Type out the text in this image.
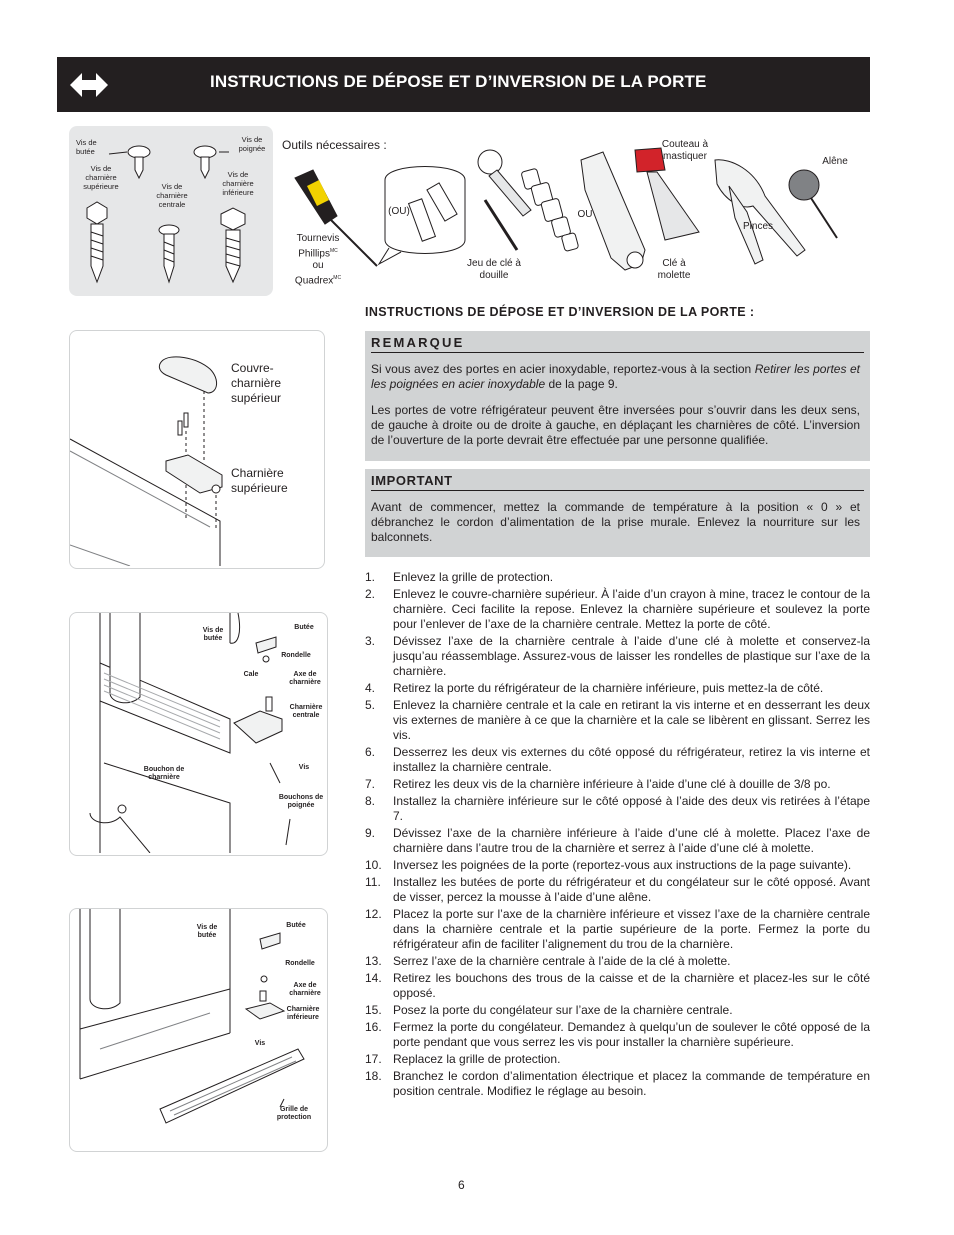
INSTRUCTIONS DE DÉPOSE ET D’INVERSION DE LA PORTE
Vis de butée
Vis de poignée
Vis de charnière supérieure	Vis de charnière centrale
Vis de charnière inférieure
Outils nécessaires :
Tournevis
Phillips$^{MC}$
ou
Quadrex$^{MC}$
(OU)
Jeu de clé à douille
OU
Clé à molette
Couteau à mastiquer
Pinces
Alêne
Couvre-charnière supérieur
Charnière supérieure
Vis de butée
Butée
Rondelle
Cale	Axe de charnière
Charnière centrale
Vis
Bouchon de charnière
Bouchons de poignée
Vis de butée
Butée
Rondelle
Axe de charnière
Charnière inférieure
Vis
Grille de protection
INSTRUCTIONS DE DÉPOSE ET D’INVERSION DE LA PORTE :
REMARQUE

Si vous avez des portes en acier inoxydable, reportez-vous à la section Retirer les portes et les poignées en acier inoxydable de la page 9.

Les portes de votre réfrigérateur peuvent être inversées pour s’ouvrir dans les deux sens, de gauche à droite ou de droite à gauche, en déplaçant les charnières de côté. L’inversion de l’ouverture de la porte devrait être effectuée par une personne qualifiée.

IMPORTANT
Avant de commencer, mettez la commande de température à la position « 0 » et débranchez le cordon d’alimentation de la prise murale. Enlevez la nourriture sur les balconnets.
1. Enlevez la grille de protection.
2. Enlevez le couvre-charnière supérieur. À l’aide d’un crayon à mine, tracez le contour de la charnière. Ceci facilite la repose. Enlevez la charnière supérieure et soulevez la porte pour l’enlever de l’axe de la charnière centrale. Mettez la porte de côté.
3. Dévissez l’axe de la charnière centrale à l’aide d’une clé à molette et conservez-la jusqu’au réassemblage. Assurez-vous de laisser les rondelles de plastique sur l’axe de la charnière.
4. Retirez la porte du réfrigérateur de la charnière inférieure, puis mettez-la de côté.
5. Enlevez la charnière centrale et la cale en retirant la vis interne et en desserrant les deux vis externes de manière à ce que la charnière et la cale se libèrent en glissant. Serrez les vis.
6. Desserrez les deux vis externes du côté opposé du réfrigérateur, retirez la vis interne et installez la charnière centrale.
7. Retirez les deux vis de la charnière inférieure à l’aide d’une clé à douille de 3/8 po.
8. Installez la charnière inférieure sur le côté opposé à l’aide des deux vis retirées à l’étape 7.
9. Dévissez l’axe de la charnière inférieure à l’aide d’une clé à molette. Placez l’axe de charnière dans l’autre trou de la charnière et serrez à l’aide d’une clé à molette.
10. Inversez les poignées de la porte (reportez-vous aux instructions de la page suivante).
11. Installez les butées de porte du réfrigérateur et du congélateur sur le côté opposé. Avant de visser, percez la mousse à l’aide d’une alêne.
12. Placez la porte sur l’axe de la charnière inférieure et vissez l’axe de la charnière centrale dans la charnière centrale et la partie supérieure de la porte. Fermez la porte du réfrigérateur afin de faciliter l’alignement du trou de la charnière.
13. Serrez l’axe de la charnière centrale à l’aide de la clé à molette.
14. Retirez les bouchons des trous de la caisse et de la charnière et placez-les sur le côté opposé.
15. Posez la porte du congélateur sur l’axe de la charnière centrale.
16. Fermez la porte du congélateur. Demandez à quelqu’un de soulever le côté opposé de la porte pendant que vous serrez les vis pour installer la charnière supérieure.
17. Replacez la grille de protection.
18. Branchez le cordon d’alimentation électrique et placez la commande de température en position centrale. Modifiez le réglage au besoin.
6
